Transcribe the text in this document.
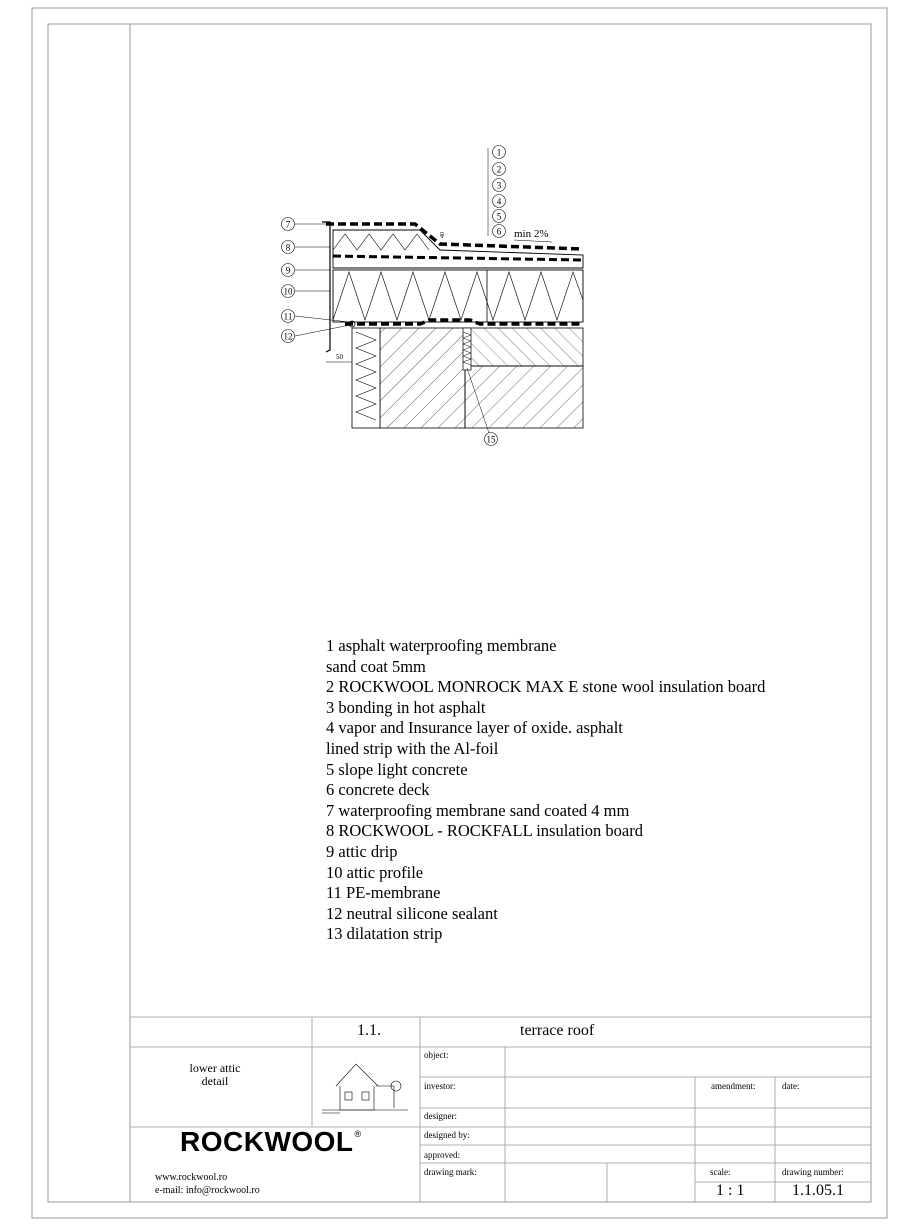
1
2
3
4
5
6 min 2%
40
7
8
9
10
11
12
50
15
1 asphalt waterproofing membrane
sand coat 5mm
2 ROCKWOOL MONROCK MAX E stone wool insulation board
3 bonding in hot asphalt
4 vapor and Insurance layer of oxide. asphalt
lined strip with the Al-foil
5 slope light concrete
6 concrete deck
7 waterproofing membrane sand coated 4 mm
8 ROCKWOOL - ROCKFALL insulation board
9 attic drip
10 attic profile
11 PE-membrane
12 neutral silicone sealant
13 dilatation strip
1.1.	terrace roof
lower attic detail
object:
investor:	amendment:	date:
designer:
designed by:
approved:
drawing mark:	scale:
1 : 1
drawing number:
1.1.05.1
ROCKWOOL®
www.rockwool.ro
e-mail: info@rockwool.ro
